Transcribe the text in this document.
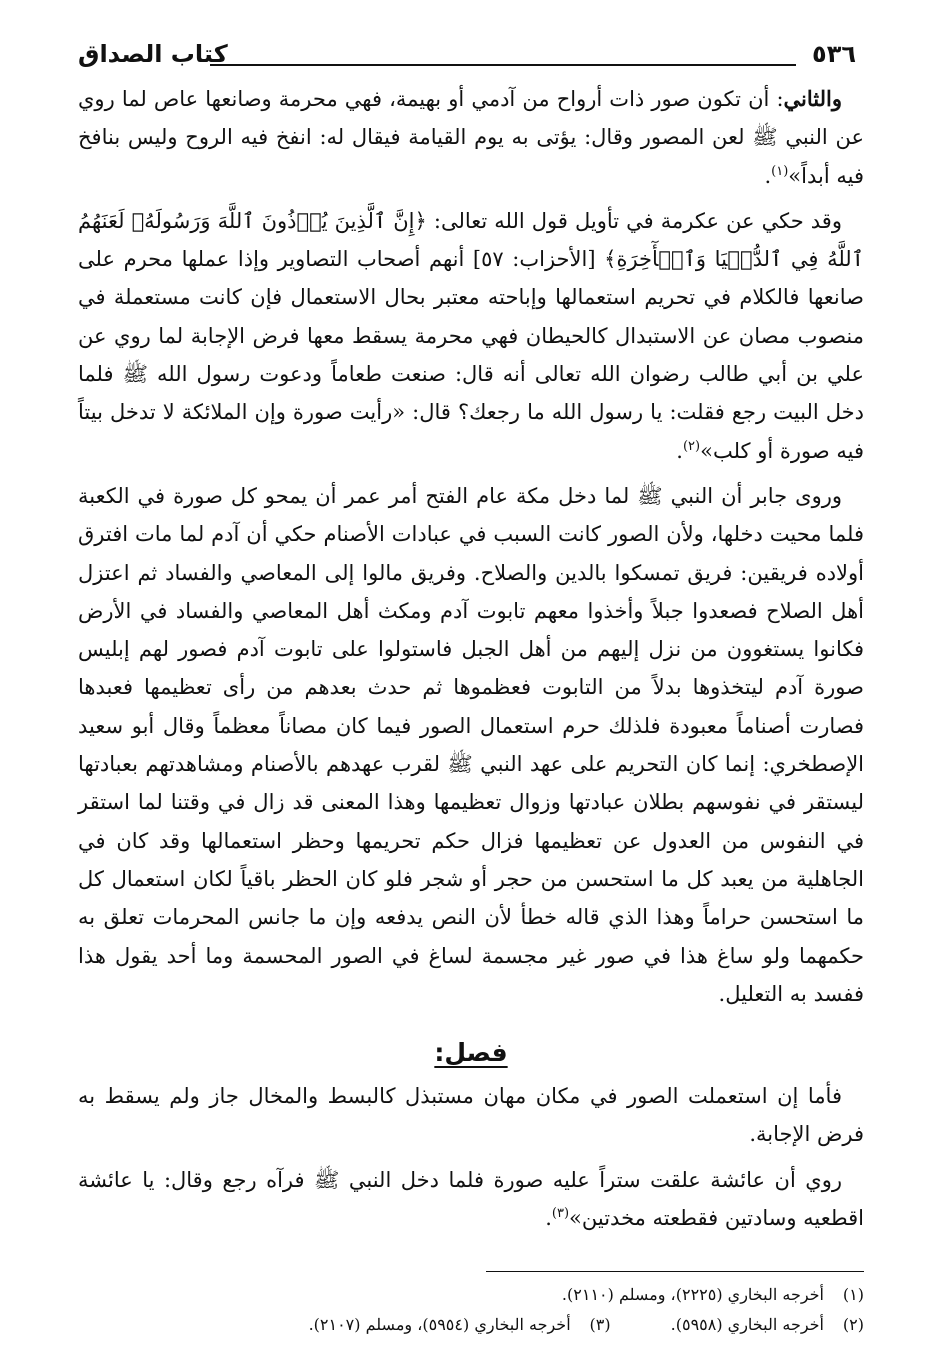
٥٣٦
كتاب الصداق

والثاني: أن تكون صور ذات أرواح من آدمي أو بهيمة، فهي محرمة وصانعها عاص لما روي عن النبي ﷺ لعن المصور وقال: يؤتى به يوم القيامة فيقال له: انفخ فيه الروح وليس بنافخ فيه أبداً»$^{(١)}$.

وقد حكي عن عكرمة في تأويل قول الله تعالى: ﴿إِنَّ ٱلَّذِينَ يُؤۡذُونَ ٱللَّهَ وَرَسُولَهُۥ لَعَنَهُمُ ٱللَّهُ فِي ٱلدُّنۡيَا وَٱلۡأٓخِرَةِ﴾ [الأحزاب: ٥٧] أنهم أصحاب التصاوير وإذا عملها محرم على صانعها فالكلام في تحريم استعمالها وإباحته معتبر بحال الاستعمال فإن كانت مستعملة في منصوب مصان عن الاستبدال كالحيطان فهي محرمة يسقط معها فرض الإجابة لما روي عن علي بن أبي طالب رضوان الله تعالى أنه قال: صنعت طعاماً ودعوت رسول الله ﷺ فلما دخل البيت رجع فقلت: يا رسول الله ما رجعك؟ قال: «رأيت صورة وإن الملائكة لا تدخل بيتاً فيه صورة أو كلب»$^{(٢)}$.

وروى جابر أن النبي ﷺ لما دخل مكة عام الفتح أمر عمر أن يمحو كل صورة في الكعبة فلما محيت دخلها، ولأن الصور كانت السبب في عبادات الأصنام حكي أن آدم لما مات افترق أولاده فريقين: فريق تمسكوا بالدين والصلاح. وفريق مالوا إلى المعاصي والفساد ثم اعتزل أهل الصلاح فصعدوا جبلاً وأخذوا معهم تابوت آدم ومكث أهل المعاصي والفساد في الأرض فكانوا يستغوون من نزل إليهم من أهل الجبل فاستولوا على تابوت آدم فصور لهم إبليس صورة آدم ليتخذوها بدلاً من التابوت فعظموها ثم حدث بعدهم من رأى تعظيمها فعبدها فصارت أصناماً معبودة فلذلك حرم استعمال الصور فيما كان مصاناً معظماً وقال أبو سعيد الإصطخري: إنما كان التحريم على عهد النبي ﷺ لقرب عهدهم بالأصنام ومشاهدتهم بعبادتها ليستقر في نفوسهم بطلان عبادتها وزوال تعظيمها وهذا المعنى قد زال في وقتنا لما استقر في النفوس من العدول عن تعظيمها فزال حكم تحريمها وحظر استعمالها وقد كان في الجاهلية من يعبد كل ما استحسن من حجر أو شجر فلو كان الحظر باقياً لكان استعمال كل ما استحسن حراماً وهذا الذي قاله خطأ لأن النص يدفعه وإن ما جانس المحرمات تعلق به حكمهما ولو ساغ هذا في صور غير مجسمة لساغ في الصور المحسمة وما أحد يقول هذا ففسد به التعليل.

فصل:

فأما إن استعملت الصور في مكان مهان مستبذل كالبسط والمخال جاز ولم يسقط به فرض الإجابة.

روي أن عائشة علقت ستراً عليه صورة فلما دخل النبي ﷺ فرآه رجع وقال: يا عائشة اقطعيه وسادتين فقطعته مخدتين»$^{(٣)}$.

(١)
أخرجه البخاري (٢٢٢٥)، ومسلم (٢١١٠).
(٢)
أخرجه البخاري (٥٩٥٨).
(٣)
أخرجه البخاري (٥٩٥٤)، ومسلم (٢١٠٧).
